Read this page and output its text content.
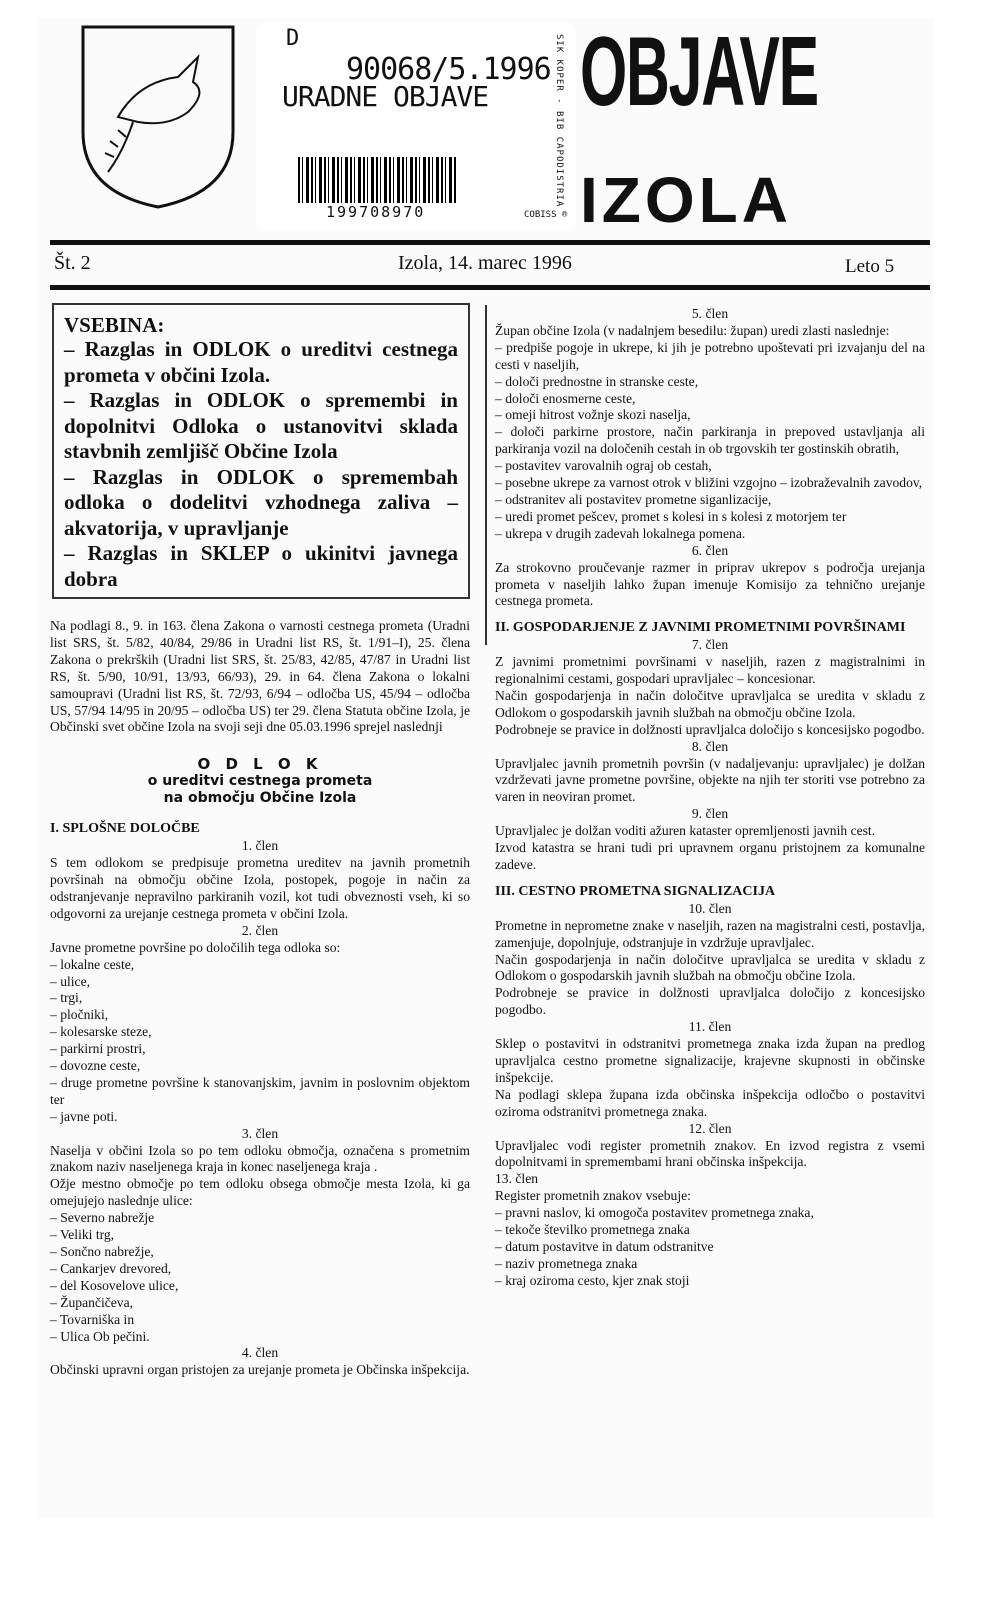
D
90068/5.1996
URADNE OBJAVE
199708970	COBISS ®
SIK KOPER - BIB CAPODISTRIA OBJAVE
IZOLA
Št. 2	Izola, 14. marec 1996	Leto 5
VSEBINA:

– Razglas in ODLOK o ureditvi cestnega prometa v občini Izola.

– Razglas in ODLOK o spremembi in dopolnitvi Odloka o ustanovitvi sklada stavbnih zemljišč Občine Izola

– Razglas in ODLOK o spremembah odloka o dodelitvi vzhodnega zaliva – akvatorija, v upravljanje

– Razglas in SKLEP o ukinitvi javnega dobra

Na podlagi 8., 9. in 163. člena Zakona o varnosti cestnega prometa (Uradni list SRS, št. 5/82, 40/84, 29/86 in Uradni list RS, št. 1/91–I), 25. člena Zakona o prekrških (Uradni list SRS, št. 25/83, 42/85, 47/87 in Uradni list RS, št. 5/90, 10/91, 13/93, 66/93), 29. in 64. člena Zakona o lokalni samoupravi (Uradni list RS, št. 72/93, 6/94 – odločba US, 45/94 – odločba US, 57/94 14/95 in 20/95 – odločba US) ter 29. člena Statuta občine Izola, je Občinski svet občine Izola na svoji seji dne 05.03.1996 sprejel naslednji
O D L O K
o ureditvi cestnega prometa
na območju Občine Izola
I. SPLOŠNE DOLOČBE
1. člen
S tem odlokom se predpisuje prometna ureditev na javnih prometnih površinah na območju občine Izola, postopek, pogoje in način za odstranjevanje nepravilno parkiranih vozil, kot tudi obveznosti vseh, ki so odgovorni za urejanje cestnega prometa v občini Izola.
2. člen
Javne prometne površine po določilih tega odloka so:
– lokalne ceste,
– ulice,
– trgi,
– pločniki,
– kolesarske steze,
– parkirni prostri,
– dovozne ceste,
– druge prometne površine k stanovanjskim, javnim in poslovnim objektom ter
– javne poti.
3. člen
Naselja v občini Izola so po tem odloku območja, označena s prometnim znakom naziv naseljenega kraja in konec naseljenega kraja .
Ožje mestno območje po tem odloku obsega območje mesta Izola, ki ga omejujejo naslednje ulice:
– Severno nabrežje
– Veliki trg,
– Sončno nabrežje,
– Cankarjev drevored,
– del Kosovelove ulice,
– Župančičeva,
– Tovarniška in
– Ulica Ob pečini.
4. člen
Občinski upravni organ pristojen za urejanje prometa je Občinska inšpekcija.
5. člen
Župan občine Izola (v nadalnjem besedilu: župan) uredi zlasti naslednje:
– predpiše pogoje in ukrepe, ki jih je potrebno upoštevati pri izvajanju del na cesti v naseljih,
– določi prednostne in stranske ceste,
– določi enosmerne ceste,
– omeji hitrost vožnje skozi naselja,
– določi parkirne prostore, način parkiranja in prepoved ustavljanja ali parkiranja vozil na določenih cestah in ob trgovskih ter gostinskih obratih,
– postavitev varovalnih ograj ob cestah,
– posebne ukrepe za varnost otrok v bližini vzgojno – izobraževalnih zavodov,
– odstranitev ali postavitev prometne siganlizacije,
– uredi promet pešcev, promet s kolesi in s kolesi z motorjem ter
– ukrepa v drugih zadevah lokalnega pomena.
6. člen
Za strokovno proučevanje razmer in priprav ukrepov s področja urejanja prometa v naseljih lahko župan imenuje Komisijo za tehnično urejanje cestnega prometa.
II. GOSPODARJENJE Z JAVNIMI PROMETNIMI POVRŠINAMI
7. člen
Z javnimi prometnimi površinami v naseljih, razen z magistralnimi in regionalnimi cestami, gospodari upravljalec – koncesionar.
Način gospodarjenja in način določitve upravljalca se uredita v skladu z Odlokom o gospodarskih javnih službah na območju občine Izola.
Podrobneje se pravice in dolžnosti upravljalca določijo s koncesijsko pogodbo.
8. člen
Upravljalec javnih prometnih površin (v nadaljevanju: upravljalec) je dolžan vzdrževati javne prometne površine, objekte na njih ter storiti vse potrebno za varen in neoviran promet.
9. člen
Upravljalec je dolžan voditi ažuren kataster opremljenosti javnih cest.
Izvod katastra se hrani tudi pri upravnem organu pristojnem za komunalne zadeve.
III. CESTNO PROMETNA SIGNALIZACIJA
10. člen
Prometne in neprometne znake v naseljih, razen na magistralni cesti, postavlja, zamenjuje, dopolnjuje, odstranjuje in vzdržuje upravljalec.
Način gospodarjenja in način določitve upravljalca se uredita v skladu z Odlokom o gospodarskih javnih službah na območju občine Izola.
Podrobneje se pravice in dolžnosti upravljalca določijo z koncesijsko pogodbo.
11. člen
Sklep o postavitvi in odstranitvi prometnega znaka izda župan na predlog upravljalca cestno prometne signalizacije, krajevne skupnosti in občinske inšpekcije.
Na podlagi sklepa župana izda občinska inšpekcija odločbo o postavitvi oziroma odstranitvi prometnega znaka.
12. člen
Upravljalec vodi register prometnih znakov. En izvod registra z vsemi dopolnitvami in spremembami hrani občinska inšpekcija.
13. člen
Register prometnih znakov vsebuje:
– pravni naslov, ki omogoča postavitev prometnega znaka,
– tekoče številko prometnega znaka
– datum postavitve in datum odstranitve
– naziv prometnega znaka
– kraj oziroma cesto, kjer znak stoji
